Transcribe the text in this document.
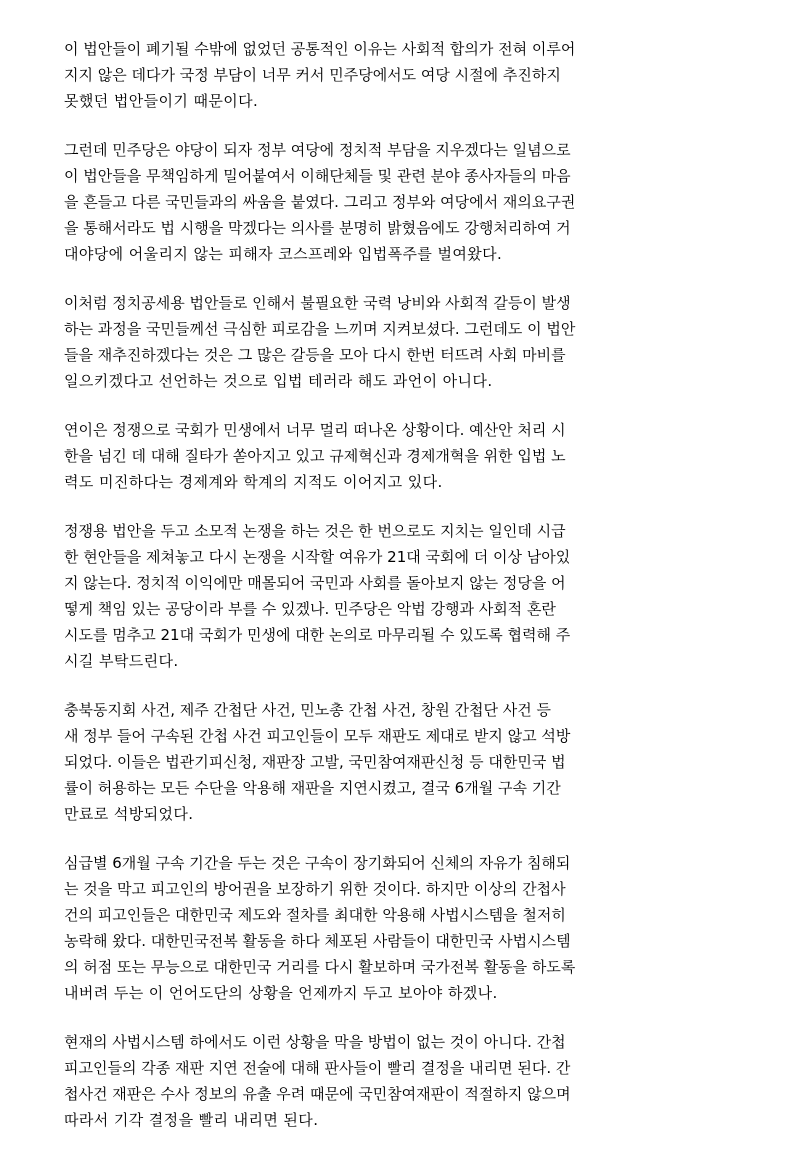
이 법안들이 폐기될 수밖에 없었던 공통적인 이유는 사회적 합의가 전혀 이루어
지지 않은 데다가 국정 부담이 너무 커서 민주당에서도 여당 시절에 추진하지
못했던 법안들이기 때문이다.
그런데 민주당은 야당이 되자 정부 여당에 정치적 부담을 지우겠다는 일념으로
이 법안들을 무책임하게 밀어붙여서 이해단체들 및 관련 분야 종사자들의 마음
을 흔들고 다른 국민들과의 싸움을 붙였다. 그리고 정부와 여당에서 재의요구권
을 통해서라도 법 시행을 막겠다는 의사를 분명히 밝혔음에도 강행처리하여 거
대야당에 어울리지 않는 피해자 코스프레와 입법폭주를 벌여왔다.
이처럼 정치공세용 법안들로 인해서 불필요한 국력 낭비와 사회적 갈등이 발생
하는 과정을 국민들께선 극심한 피로감을 느끼며 지켜보셨다. 그런데도 이 법안
들을 재추진하겠다는 것은 그 많은 갈등을 모아 다시 한번 터뜨려 사회 마비를
일으키겠다고 선언하는 것으로 입법 테러라 해도 과언이 아니다.
연이은 정쟁으로 국회가 민생에서 너무 멀리 떠나온 상황이다. 예산안 처리 시
한을 넘긴 데 대해 질타가 쏟아지고 있고 규제혁신과 경제개혁을 위한 입법 노
력도 미진하다는 경제계와 학계의 지적도 이어지고 있다.
정쟁용 법안을 두고 소모적 논쟁을 하는 것은 한 번으로도 지치는 일인데 시급
한 현안들을 제쳐놓고 다시 논쟁을 시작할 여유가 21대 국회에 더 이상 남아있
지 않는다. 정치적 이익에만 매몰되어 국민과 사회를 돌아보지 않는 정당을 어
떻게 책임 있는 공당이라 부를 수 있겠나. 민주당은 악법 강행과 사회적 혼란
시도를 멈추고 21대 국회가 민생에 대한 논의로 마무리될 수 있도록 협력해 주
시길 부탁드린다.
충북동지회 사건, 제주 간첩단 사건, 민노총 간첩 사건, 창원 간첩단 사건 등
새 정부 들어 구속된 간첩 사건 피고인들이 모두 재판도 제대로 받지 않고 석방
되었다. 이들은 법관기피신청, 재판장 고발, 국민참여재판신청 등 대한민국 법
률이 허용하는 모든 수단을 악용해 재판을 지연시켰고, 결국 6개월 구속 기간
만료로 석방되었다.
심급별 6개월 구속 기간을 두는 것은 구속이 장기화되어 신체의 자유가 침해되
는 것을 막고 피고인의 방어권을 보장하기 위한 것이다. 하지만 이상의 간첩사
건의 피고인들은 대한민국 제도와 절차를 최대한 악용해 사법시스템을 철저히
농락해 왔다. 대한민국전복 활동을 하다 체포된 사람들이 대한민국 사법시스템
의 허점 또는 무능으로 대한민국 거리를 다시 활보하며 국가전복 활동을 하도록
내버려 두는 이 언어도단의 상황을 언제까지 두고 보아야 하겠나.
현재의 사법시스템 하에서도 이런 상황을 막을 방법이 없는 것이 아니다. 간첩
피고인들의 각종 재판 지연 전술에 대해 판사들이 빨리 결정을 내리면 된다. 간
첩사건 재판은 수사 정보의 유출 우려 때문에 국민참여재판이 적절하지 않으며
따라서 기각 결정을 빨리 내리면 된다.
